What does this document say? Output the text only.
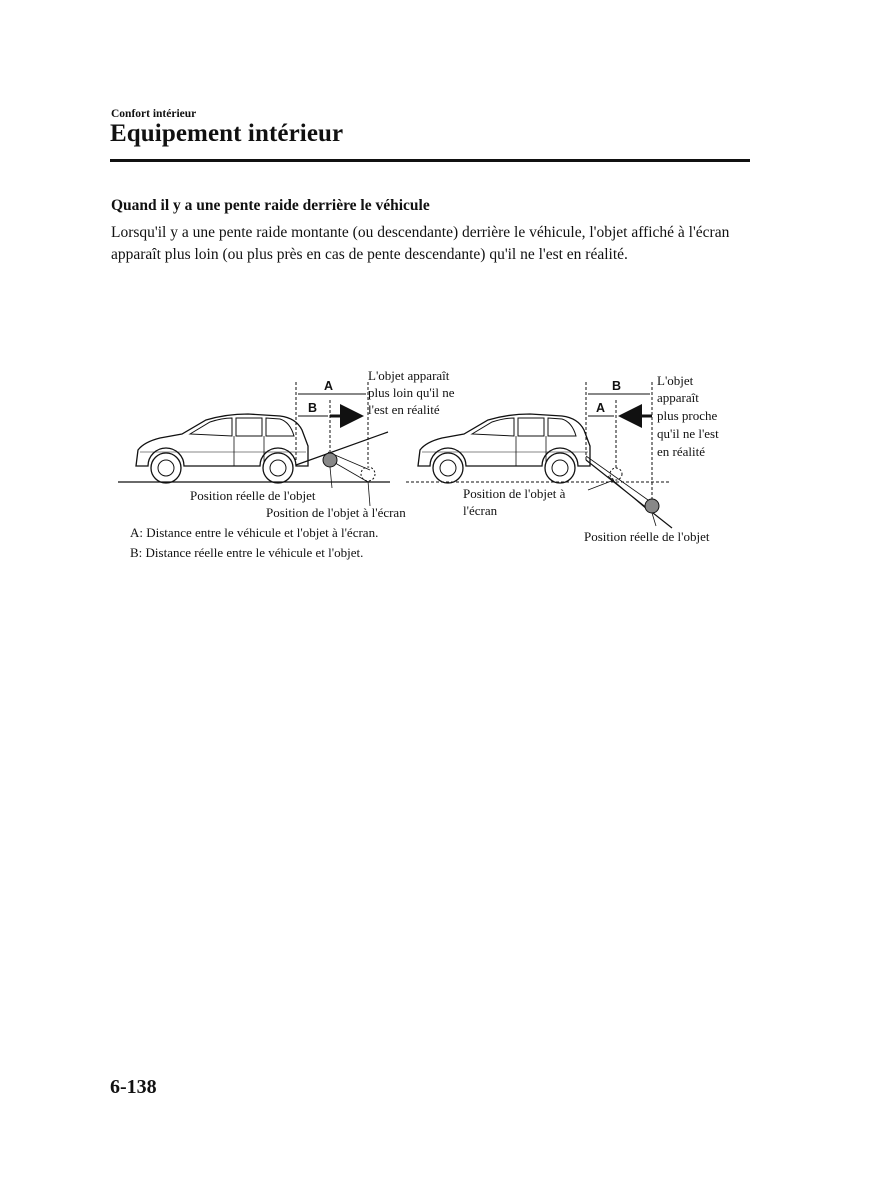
Confort intérieur
Equipement intérieur
Quand il y a une pente raide derrière le véhicule
Lorsqu'il y a une pente raide montante (ou descendante) derrière le véhicule, l'objet affiché à l'écran apparaît plus loin (ou plus près en cas de pente descendante) qu'il ne l'est en réalité.
A
B
L'objet apparaît plus loin qu'il ne l'est en réalité
Position réelle de l'objet
Position de l'objet à l'écran
A: Distance entre le véhicule et l'objet à l'écran.
B: Distance réelle entre le véhicule et l'objet.
B
A
L'objet apparaît plus proche qu'il ne l'est en réalité
Position de l'objet à l'écran
Position réelle de l'objet
6-138
